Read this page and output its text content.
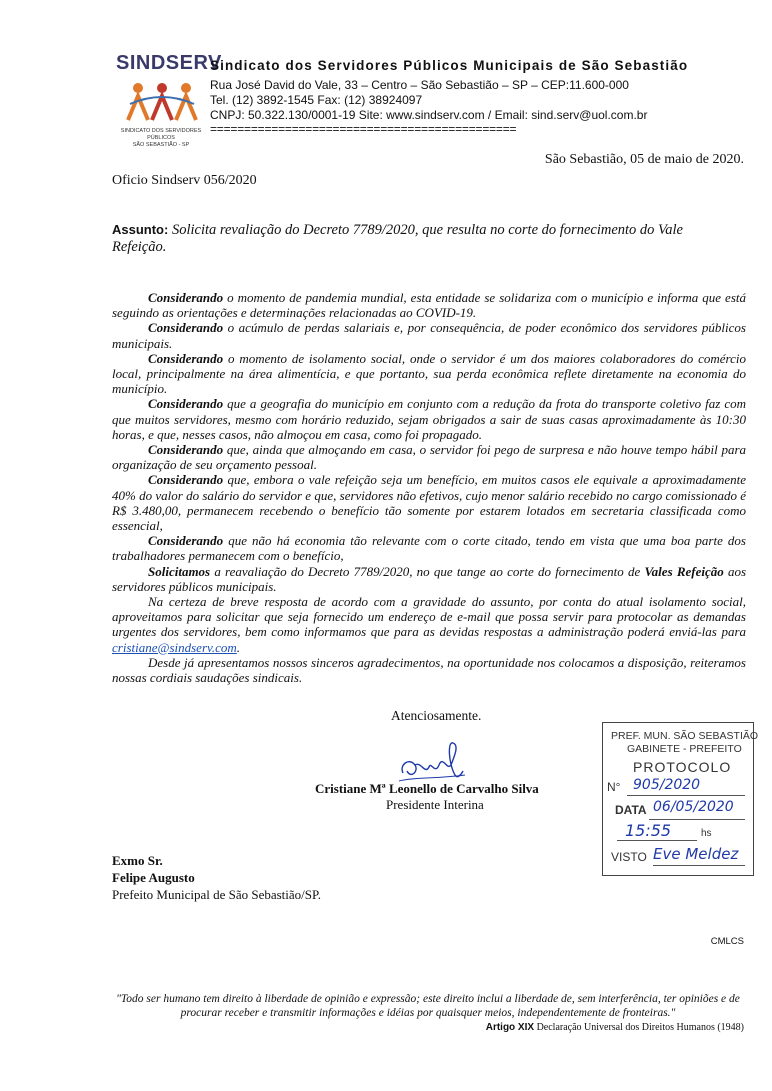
SINDSERV
SINDICATO DOS SERVIDORES PÚBLICOS
SÃO SEBASTIÃO - SP
Sindicato dos Servidores Públicos Municipais de São Sebastião
Rua José David do Vale, 33 – Centro – São Sebastião – SP – CEP:11.600-000
Tel. (12) 3892-1545 Fax: (12) 38924097
CNPJ: 50.322.130/0001-19 Site: www.sindserv.com / Email: sind.serv@uol.com.br
=============================================
São Sebastião, 05 de maio de 2020.
Oficio Sindserv 056/2020
Assunto: Solicita revaliação do Decreto 7789/2020, que resulta no corte do fornecimento do Vale Refeição.

Considerando o momento de pandemia mundial, esta entidade se solidariza com o município e informa que está seguindo as orientações e determinações relacionadas ao COVID-19.

Considerando o acúmulo de perdas salariais e, por consequência, de poder econômico dos servidores públicos municipais.

Considerando o momento de isolamento social, onde o servidor é um dos maiores colaboradores do comércio local, principalmente na área alimentícia, e que portanto, sua perda econômica reflete diretamente na economia do município.

Considerando que a geografia do município em conjunto com a redução da frota do transporte coletivo faz com que muitos servidores, mesmo com horário reduzido, sejam obrigados a sair de suas casas aproximadamente às 10:30 horas, e que, nesses casos, não almoçou em casa, como foi propagado.

Considerando que, ainda que almoçando em casa, o servidor foi pego de surpresa e não houve tempo hábil para organização de seu orçamento pessoal.

Considerando que, embora o vale refeição seja um benefício, em muitos casos ele equivale a aproximadamente 40% do valor do salário do servidor e que, servidores não efetivos, cujo menor salário recebido no cargo comissionado é R$ 3.480,00, permanecem recebendo o benefício tão somente por estarem lotados em secretaria classificada como essencial,

Considerando que não há economia tão relevante com o corte citado, tendo em vista que uma boa parte dos trabalhadores permanecem com o benefício,

Solicitamos a reavaliação do Decreto 7789/2020, no que tange ao corte do fornecimento de Vales Refeição aos servidores públicos municipais.

Na certeza de breve resposta de acordo com a gravidade do assunto, por conta do atual isolamento social, aproveitamos para solicitar que seja fornecido um endereço de e-mail que possa servir para protocolar as demandas urgentes dos servidores, bem como informamos que para as devidas respostas a administração poderá enviá-las para cristiane@sindserv.com.

Desde já apresentamos nossos sinceros agradecimentos, na oportunidade nos colocamos a disposição, reiteramos nossas cordiais saudações sindicais.

Atenciosamente.
Cristiane Mª Leonello de Carvalho Silva
Presidente Interina
PREF. MUN. SÃO SEBASTIÃO
GABINETE - PREFEITO
PROTOCOLO
N° 905/2020
DATA 06/05/2020
15:55	hs
VISTO Eve Meldez
Exmo Sr.
Felipe Augusto
Prefeito Municipal de São Sebastião/SP.
CMLCS
"Todo ser humano tem direito à liberdade de opinião e expressão; este direito inclui a liberdade de, sem interferência, ter opiniões e de procurar receber e transmitir informações e idéias por quaisquer meios, independentemente de fronteiras."
Artigo XIX Declaração Universal dos Direitos Humanos (1948)
